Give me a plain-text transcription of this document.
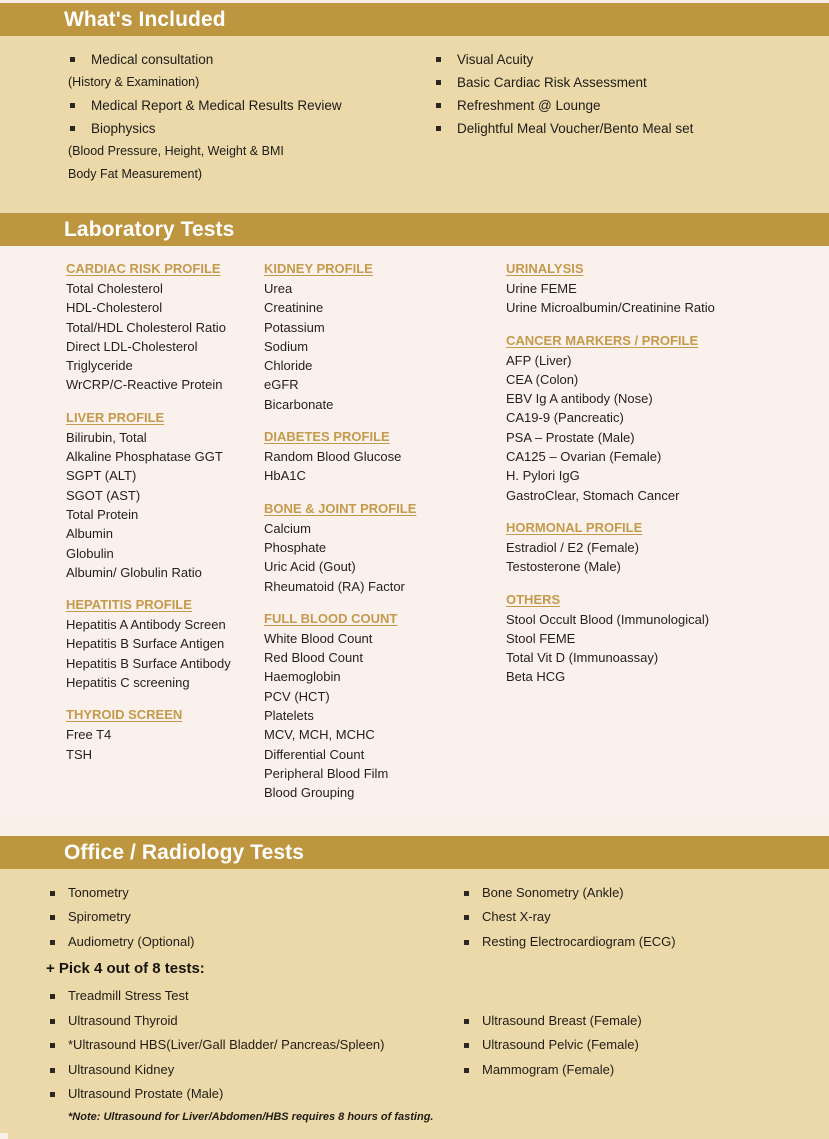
What's Included
Medical consultation
(History & Examination)
Medical Report & Medical Results Review
Biophysics
(Blood Pressure, Height, Weight & BMI
Body Fat Measurement)
Visual Acuity
Basic Cardiac Risk Assessment
Refreshment @ Lounge
Delightful Meal Voucher/Bento Meal set
Laboratory Tests
CARDIAC RISK PROFILE
Total Cholesterol
HDL-Cholesterol
Total/HDL Cholesterol Ratio
Direct LDL-Cholesterol
Triglyceride
WrCRP/C-Reactive Protein
LIVER PROFILE
Bilirubin, Total
Alkaline Phosphatase GGT
SGPT (ALT)
SGOT (AST)
Total Protein
Albumin
Globulin
Albumin/ Globulin Ratio
HEPATITIS PROFILE
Hepatitis A Antibody Screen
Hepatitis B Surface Antigen
Hepatitis B Surface Antibody
Hepatitis C screening
THYROID SCREEN
Free T4
TSH
KIDNEY PROFILE
Urea
Creatinine
Potassium
Sodium
Chloride
eGFR
Bicarbonate
DIABETES PROFILE
Random Blood Glucose
HbA1C
BONE & JOINT PROFILE
Calcium
Phosphate
Uric Acid (Gout)
Rheumatoid (RA) Factor
FULL BLOOD COUNT
White Blood Count
Red Blood Count
Haemoglobin
PCV (HCT)
Platelets
MCV, MCH, MCHC
Differential Count
Peripheral Blood Film
Blood Grouping
URINALYSIS
Urine FEME
Urine Microalbumin/Creatinine Ratio
CANCER MARKERS / PROFILE
AFP (Liver)
CEA (Colon)
EBV Ig A antibody (Nose)
CA19-9 (Pancreatic)
PSA – Prostate (Male)
CA125 – Ovarian (Female)
H. Pylori IgG
GastroClear, Stomach Cancer
HORMONAL PROFILE
Estradiol / E2 (Female)
Testosterone (Male)
OTHERS
Stool Occult Blood (Immunological)
Stool FEME
Total Vit D (Immunoassay)
Beta HCG
Office / Radiology Tests
Tonometry
Spirometry
Audiometry (Optional)
+ Pick 4 out of 8 tests:
Treadmill Stress Test
Ultrasound Thyroid
*Ultrasound HBS(Liver/Gall Bladder/ Pancreas/Spleen)
Ultrasound Kidney
Ultrasound Prostate (Male)
*Note: Ultrasound for Liver/Abdomen/HBS requires 8 hours of fasting.
Bone Sonometry (Ankle)
Chest X-ray
Resting Electrocardiogram (ECG)
Ultrasound Breast (Female)
Ultrasound Pelvic (Female)
Mammogram (Female)
